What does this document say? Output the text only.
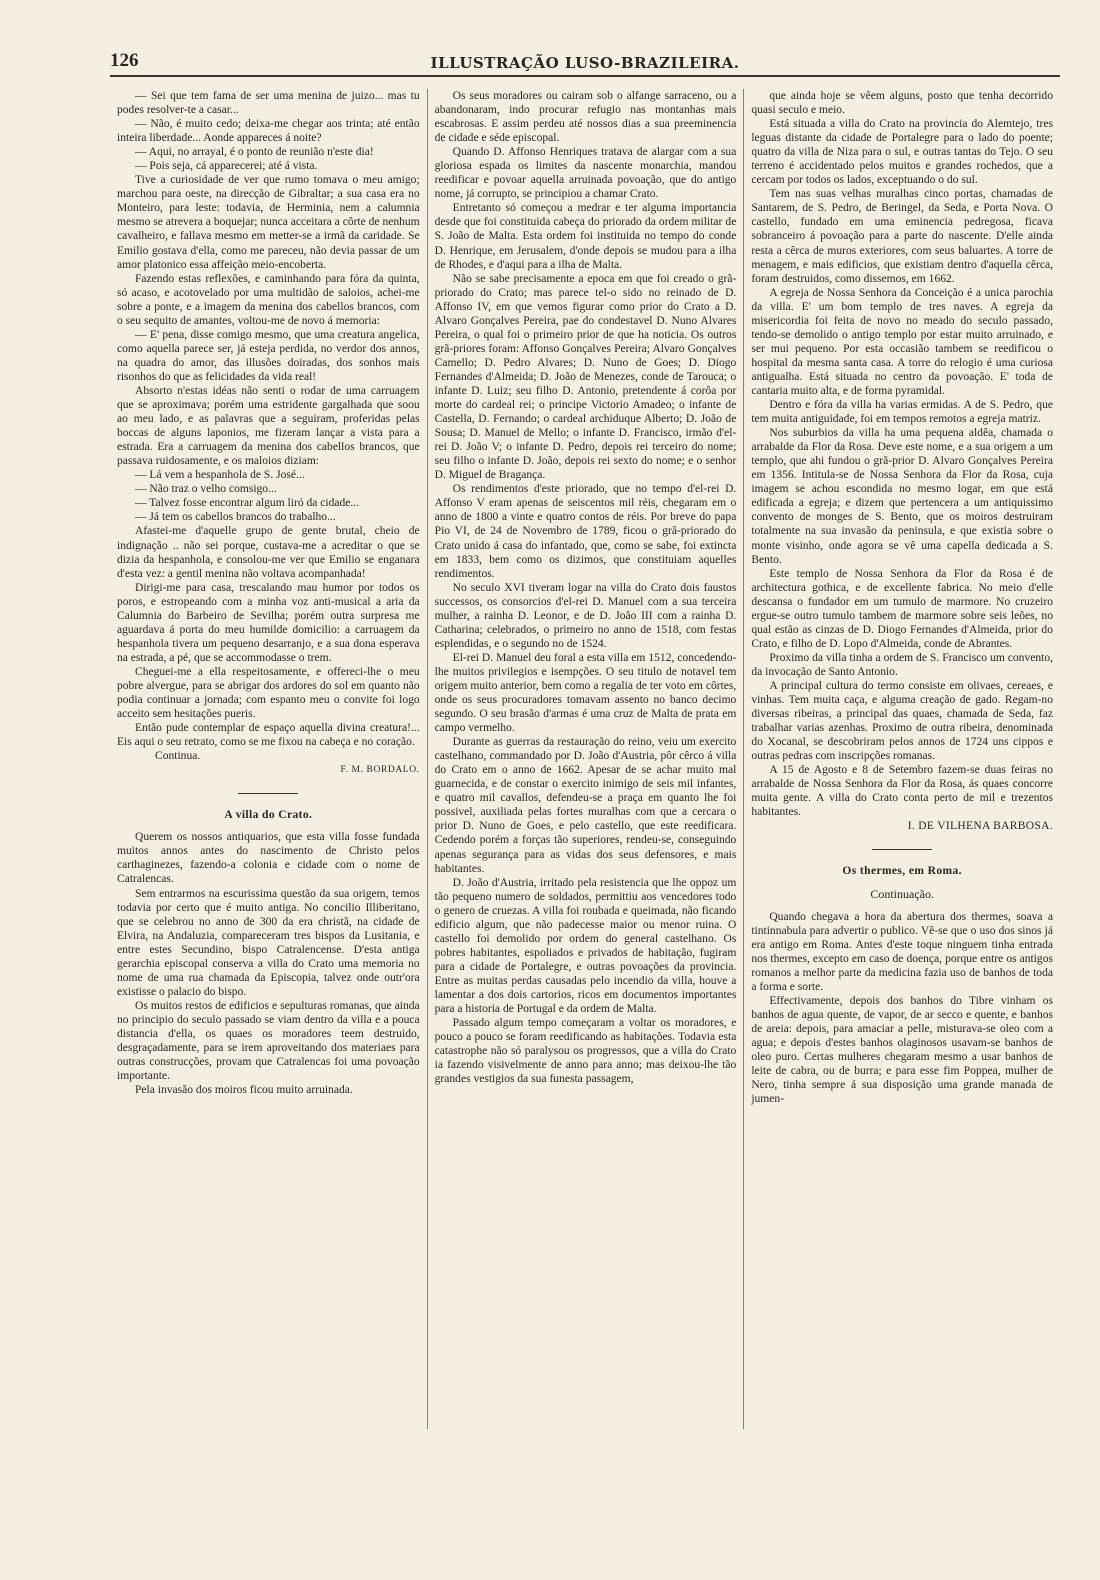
126	ILLUSTRAÇÃO LUSO-BRAZILEIRA.

— Sei que tem fama de ser uma menina de juizo... mas tu podes resolver-te a casar...

— Não, é muito cedo; deixa-me chegar aos trinta; até então inteira liberdade... Aonde appareces á noite?

— Aqui, no arrayal, é o ponto de reunião n'este dia!

— Pois seja, cá apparecerei; até á vista.

Tive a curiosidade de ver que rumo tomava o meu amigo; marchou para oeste, na direcção de Gibraltar; a sua casa era no Monteiro, para leste: todavia, de Herminia, nem a calumnia mesmo se atrevera a boquejar; nunca acceitara a côrte de nenhum cavalheiro, e fallava mesmo em metter-se a irmã da caridade. Se Emilio gostava d'ella, como me pareceu, não devia passar de um amor platonico essa affeição meio-encoberta.

Fazendo estas reflexões, e caminhando para fóra da quinta, só acaso, e acotovelado por uma multidão de saloios, achei-me sobre a ponte, e a imagem da menina dos cabellos brancos, com o seu sequito de amantes, voltou-me de novo á memoria:

— E' pena, disse comigo mesmo, que uma creatura angelica, como aquella parece ser, já esteja perdida, no verdor dos annos, na quadra do amor, das illusões doiradas, dos sonhos mais risonhos do que as felicidades da vida real!

Absorto n'estas idéas não senti o rodar de uma carruagem que se aproximava; porém uma estridente gargalhada que soou ao meu lado, e as palavras que a seguiram, proferidas pelas boccas de alguns laponios, me fizeram lançar a vista para a estrada. Era a carruagem da menina dos cabellos brancos, que passava ruidosamente, e os maloios diziam:

— Lá vem a hespanhola de S. José...

— Não traz o velho comsigo...

— Talvez fosse encontrar algum liró da cidade...

— Já tem os cabellos brancos do trabalho...

Afastei-me d'aquelle grupo de gente brutal, cheio de indignação .. não sei porque, custava-me a acreditar o que se dizia da hespanhola, e consolou-me ver que Emilio se enganara d'esta vez: a gentil menina não voltava acompanhada!

Dirigi-me para casa, trescalando mau humor por todos os poros, e estropeando com a minha voz anti-musical a aria da Calumnia do Barbeiro de Sevilha; porém outra surpresa me aguardava á porta do meu humilde domicilio: a carruagem da hespanhola tivera um pequeno desarranjo, e a sua dona esperava na estrada, a pé, que se accommodasse o trem.

Cheguei-me a ella respeitosamente, e offereci-lhe o meu pobre alvergue, para se abrigar dos ardores do sol em quanto não podia continuar a jornada; com espanto meu o convite foi logo acceito sem hesitações pueris.

Então pude contemplar de espaço aquella divina creatura!... Eis aqui o seu retrato, como se me fixou na cabeça e no coração.

Continua.

F. M. BORDALO.

A villa do Crato.

Querem os nossos antiquarios, que esta villa fosse fundada muitos annos antes do nascimento de Christo pelos carthaginezes, fazendo-a colonia e cidade com o nome de Catralencas.

Sem entrarmos na escurissima questão da sua origem, temos todavia por certo que é muito antiga. No concilio Illiberitano, que se celebrou no anno de 300 da era christã, na cidade de Elvira, na Andaluzia, compareceram tres bispos da Lusitania, e entre estes Secundino, bispo Catralencense. D'esta antiga gerarchia episcopal conserva a villa do Crato uma memoria no nome de uma rua chamada da Episcopia, talvez onde outr'ora existisse o palacio do bispo.

Os muitos restos de edificios e sepulturas romanas, que ainda no principio do seculo passado se viam dentro da villa e a pouca distancia d'ella, os quaes os moradores teem destruido, desgraçadamente, para se irem aproveitando dos materiaes para outras construcções, provam que Catralencas foi uma povoação importante.

Pela invasão dos moiros ficou muito arruinada.

Os seus moradores ou cairam sob o alfange sarraceno, ou a abandonaram, indo procurar refugio nas montanhas mais escabrosas. E assim perdeu até nossos dias a sua preeminencia de cidade e séde episcopal.

Quando D. Affonso Henriques tratava de alargar com a sua gloriosa espada os limites da nascente monarchia, mandou reedificar e povoar aquella arruinada povoação, que do antigo nome, já corrupto, se principiou a chamar Crato.

Entretanto só começou a medrar e ter alguma importancia desde que foi constituida cabeça do priorado da ordem militar de S. João de Malta. Esta ordem foi instituida no tempo do conde D. Henrique, em Jerusalem, d'onde depois se mudou para a ilha de Rhodes, e d'aqui para a ilha de Malta.

Não se sabe precisamente a epoca em que foi creado o grã-priorado do Crato; mas parece tel-o sido no reinado de D. Affonso IV, em que vemos figurar como prior do Crato a D. Alvaro Gonçalves Pereira, pae do condestavel D. Nuno Alvares Pereira, o qual foi o primeiro prior de que ha noticia. Os outros grã-priores foram: Affonso Gonçalves Pereira; Alvaro Gonçalves Camello; D. Pedro Alvares; D. Nuno de Goes; D. Diogo Fernandes d'Almeida; D. João de Menezes, conde de Tarouca; o infante D. Luiz; seu filho D. Antonio, pretendente á corôa por morte do cardeal rei; o principe Victorio Amadeo; o infante de Castella, D. Fernando; o cardeal archiduque Alberto; D. João de Sousa; D. Manuel de Mello; o infante D. Francisco, irmão d'el-rei D. João V; o infante D. Pedro, depois rei terceiro do nome; seu filho o infante D. João, depois rei sexto do nome; e o senhor D. Miguel de Bragança.

Os rendimentos d'este priorado, que no tempo d'el-rei D. Affonso V eram apenas de seiscentos mil réis, chegaram em o anno de 1800 a vinte e quatro contos de réis. Por breve do papa Pio VI, de 24 de Novembro de 1789, ficou o grã-priorado do Crato unido á casa do infantado, que, como se sabe, foi extincta em 1833, bem como os dizimos, que constituiam aquelles rendimentos.

No seculo XVI tiveram logar na villa do Crato dois faustos successos, os consorcios d'el-rei D. Manuel com a sua terceira mulher, a rainha D. Leonor, e de D. João III com a rainha D. Catharina; celebrados, o primeiro no anno de 1518, com festas esplendidas, e o segundo no de 1524.

El-rei D. Manuel deu foral a esta villa em 1512, concedendo-lhe muitos privilegios e isempções. O seu titulo de notavel tem origem muito anterior, bem como a regalia de ter voto em côrtes, onde os seus procuradores tomavam assento no banco decimo segundo. O seu brasão d'armas é uma cruz de Malta de prata em campo vermelho.

Durante as guerras da restauração do reino, veiu um exercito castelhano, commandado por D. João d'Austria, pôr cêrco á villa do Crato em o anno de 1662. Apesar de se achar muito mal guarnecida, e de constar o exercito inimigo de seis mil infantes, e quatro mil cavallos, defendeu-se a praça em quanto lhe foi possivel, auxiliada pelas fortes muralhas com que a cercara o prior D. Nuno de Goes, e pelo castello, que este reedificara. Cedendo porém a forças tão superiores, rendeu-se, conseguindo apenas segurança para as vidas dos seus defensores, e mais habitantes.

D. João d'Austria, irritado pela resistencia que lhe oppoz um tão pequeno numero de soldados, permittiu aos vencedores todo o genero de cruezas. A villa foi roubada e queimada, não ficando edificio algum, que não padecesse maior ou menor ruina. O castello foi demolido por ordem do general castelhano. Os pobres habitantes, espoliados e privados de habitação, fugiram para a cidade de Portalegre, e outras povoações da provincia. Entre as muitas perdas causadas pelo incendio da villa, houve a lamentar a dos dois cartorios, ricos em documentos importantes para a historia de Portugal e da ordem de Malta.

Passado algum tempo começaram a voltar os moradores, e pouco a pouco se foram reedificando as habitações. Todavia esta catastrophe não só paralysou os progressos, que a villa do Crato ia fazendo visivelmente de anno para anno; mas deixou-lhe tão grandes vestigios da sua funesta passagem,

que ainda hoje se vêem alguns, posto que tenha decorrido quasi seculo e meio.

Está situada a villa do Crato na provincia do Alemtejo, tres leguas distante da cidade de Portalegre para o lado do poente; quatro da villa de Niza para o sul, e outras tantas do Tejo. O seu terreno é accidentado pelos muitos e grandes rochedos, que a cercam por todos os lados, exceptuando o do sul.

Tem nas suas velhas muralhas cinco portas, chamadas de Santarem, de S. Pedro, de Beringel, da Seda, e Porta Nova. O castello, fundado em uma eminencia pedregosa, ficava sobranceiro á povoação para a parte do nascente. D'elle ainda resta a cêrca de muros exteriores, com seus baluartes. A torre de menagem, e mais edificios, que existiam dentro d'aquella cêrca, foram destruidos, como dissemos, em 1662.

A egreja de Nossa Senhora da Conceição é a unica parochia da villa. E' um bom templo de tres naves. A egreja da misericordia foi feita de novo no meado do seculo passado, tendo-se demolido o antigo templo por estar muito arruinado, e ser mui pequeno. Por esta occasião tambem se reedificou o hospital da mesma santa casa. A torre do relogio é uma curiosa antigualha. Está situada no centro da povoação. E' toda de cantaria muito alta, e de forma pyramidal.

Dentro e fóra da villa ha varias ermidas. A de S. Pedro, que tem muita antiguidade, foi em tempos remotos a egreja matriz.

Nos suburbios da villa ha uma pequena aldêa, chamada o arrabalde da Flor da Rosa. Deve este nome, e a sua origem a um templo, que ahi fundou o grã-prior D. Alvaro Gonçalves Pereira em 1356. Intitula-se de Nossa Senhora da Flor da Rosa, cuja imagem se achou escondida no mesmo logar, em que está edificada a egreja; e dizem que pertencera a um antiquissimo convento de monges de S. Bento, que os moiros destruiram totalmente na sua invasão da peninsula, e que existia sobre o monte visinho, onde agora se vê uma capella dedicada a S. Bento.

Este templo de Nossa Senhora da Flor da Rosa é de architectura gothica, e de excellente fabrica. No meio d'elle descansa o fundador em um tumulo de marmore. No cruzeiro ergue-se outro tumulo tambem de marmore sobre seis leões, no qual estão as cinzas de D. Diogo Fernandes d'Almeida, prior do Crato, e filho de D. Lopo d'Almeida, conde de Abrantes.

Proximo da villa tinha a ordem de S. Francisco um convento, da invocação de Santo Antonio.

A principal cultura do termo consiste em olivaes, cereaes, e vinhas. Tem muita caça, e alguma creação de gado. Regam-no diversas ribeiras, a principal das quaes, chamada de Seda, faz trabalhar varias azenhas. Proximo de outra ribeira, denominada do Xocanal, se descobriram pelos annos de 1724 uns cippos e outras pedras com inscripções romanas.

A 15 de Agosto e 8 de Setembro fazem-se duas feiras no arrabalde de Nossa Senhora da Flor da Rosa, ás quaes concorre muita gente. A villa do Crato conta perto de mil e trezentos habitantes.

I. DE VILHENA BARBOSA.

Os thermes, em Roma.
Continuação.

Quando chegava a hora da abertura dos thermes, soava a tintinnabula para advertir o publico. Vê-se que o uso dos sinos já era antigo em Roma. Antes d'este toque ninguem tinha entrada nos thermes, excepto em caso de doença, porque entre os antigos romanos a melhor parte da medicina fazia uso de banhos de toda a forma e sorte.

Effectivamente, depois dos banhos do Tibre vinham os banhos de agua quente, de vapor, de ar secco e quente, e banhos de areia: depois, para amaciar a pelle, misturava-se oleo com a agua; e depois d'estes banhos olaginosos usavam-se banhos de oleo puro. Certas mulheres chegaram mesmo a usar banhos de leite de cabra, ou de burra; e para esse fim Poppea, mulher de Nero, tinha sempre á sua disposição uma grande manada de jumen-
